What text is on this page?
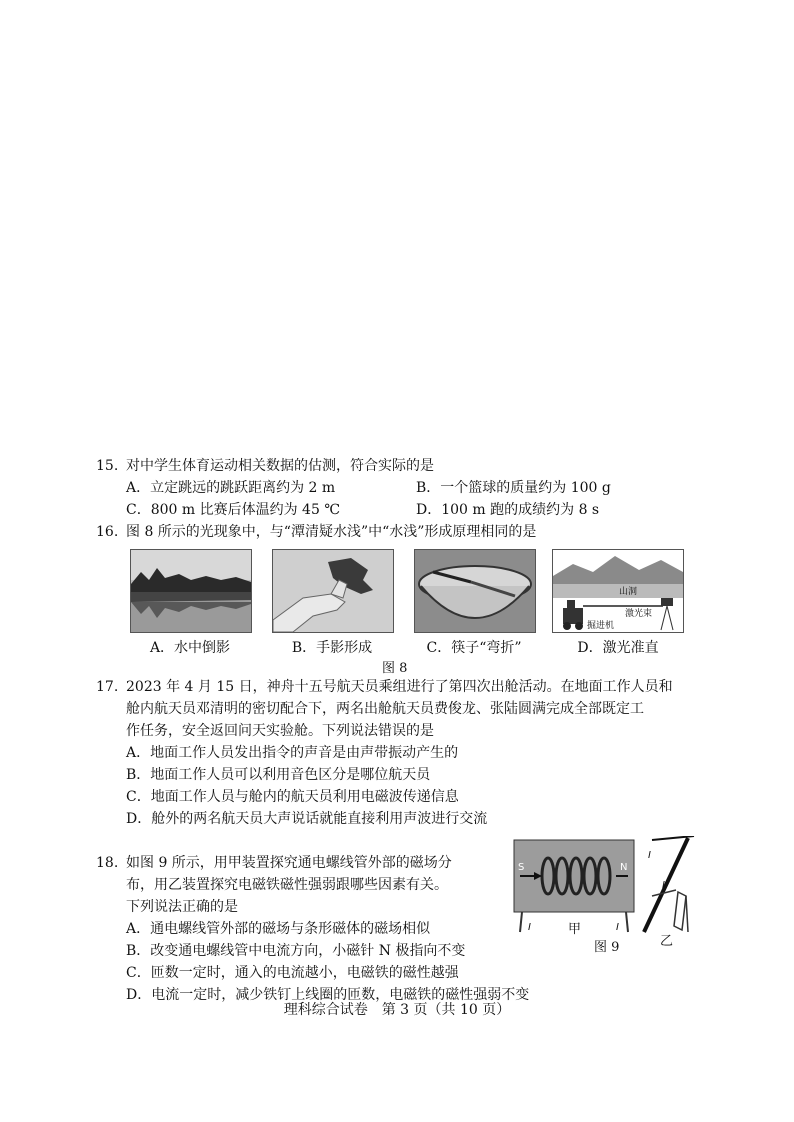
15. 对中学生体育运动相关数据的估测，符合实际的是
A．立定跳远的跳跃距离约为 2 m	B．一个篮球的质量约为 100 g
C．800 m 比赛后体温约为 45 ℃	D．100 m 跑的成绩约为 8 s
16. 图 8 所示的光现象中，与“潭清疑水浅”中“水浅”形成原理相同的是
A．水中倒影	B．手影形成	C．筷子“弯折”
山洞
激光束
掘进机
D．激光准直
图 8
17. 2023 年 4 月 15 日，神舟十五号航天员乘组进行了第四次出舱活动。在地面工作人员和
舱内航天员邓清明的密切配合下，两名出舱航天员费俊龙、张陆圆满完成全部既定工
作任务，安全返回问天实验舱。下列说法错误的是
A．地面工作人员发出指令的声音是由声带振动产生的
B．地面工作人员可以利用音色区分是哪位航天员
C．地面工作人员与舱内的航天员利用电磁波传递信息
D．舱外的两名航天员大声说话就能直接利用声波进行交流
18. 如图 9 所示，用甲装置探究通电螺线管外部的磁场分
布，用乙装置探究电磁铁磁性强弱跟哪些因素有关。
下列说法正确的是
A．通电螺线管外部的磁场与条形磁体的磁场相似
B．改变通电螺线管中电流方向，小磁针 N 极指向不变
C．匝数一定时，通入的电流越小，电磁铁的磁性越强
D．电流一定时，减少铁钉上线圈的匝数，电磁铁的磁性强弱不变
S	N
I	I
I
I
甲
乙
图 9
理科综合试卷　第 3 页（共 10 页）
